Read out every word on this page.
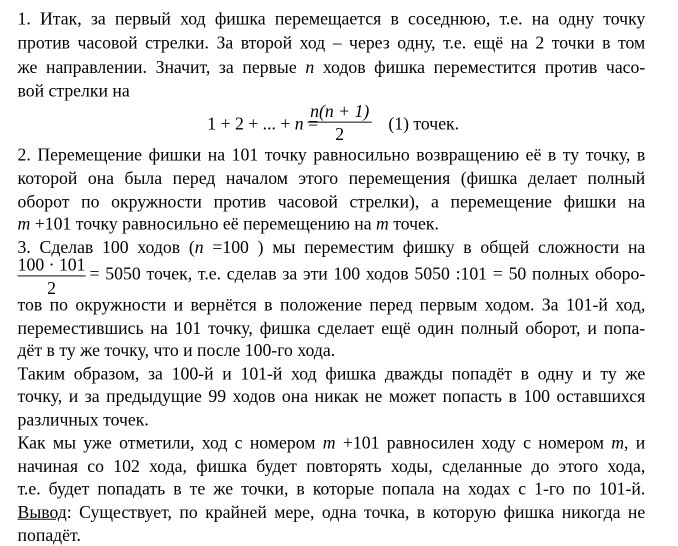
1. Итак, за первый ход фишка перемещается в соседнюю, т.е. на одну точку
против часовой стрелки. За второй ход – через одну, т.е. ещё на 2 точки в том
же направлении. Значит, за первые n ходов фишка переместится против часо-
вой стрелки на
1 + 2 + ... + n =
n(n + 1)
2
(1) точек.
2. Перемещение фишки на 101 точку равносильно возвращению её в ту точку, в
которой она была перед началом этого перемещения (фишка делает полный
оборот по окружности против часовой стрелки), а перемещение фишки на
m +101 точку равносильно её перемещению на m точек.
3. Сделав 100 ходов (n =100 ) мы переместим фишку в общей сложности на
100 · 101
2
= 5050 точек, т.е. сделав за эти 100 ходов 5050 :101 = 50 полных оборо-
тов по окружности и вернётся в положение перед первым ходом. За 101-й ход,
переместившись на 101 точку, фишка сделает ещё один полный оборот, и попа-
дёт в ту же точку, что и после 100-го хода.
Таким образом, за 100-й и 101-й ход фишка дважды попадёт в одну и ту же
точку, и за предыдущие 99 ходов она никак не может попасть в 100 оставшихся
различных точек.
Как мы уже отметили, ход с номером m +101 равносилен ходу с номером m, и
начиная со 102 хода, фишка будет повторять ходы, сделанные до этого хода,
т.е. будет попадать в те же точки, в которые попала на ходах с 1-го по 101-й.
Вывод: Существует, по крайней мере, одна точка, в которую фишка никогда не
попадёт.
